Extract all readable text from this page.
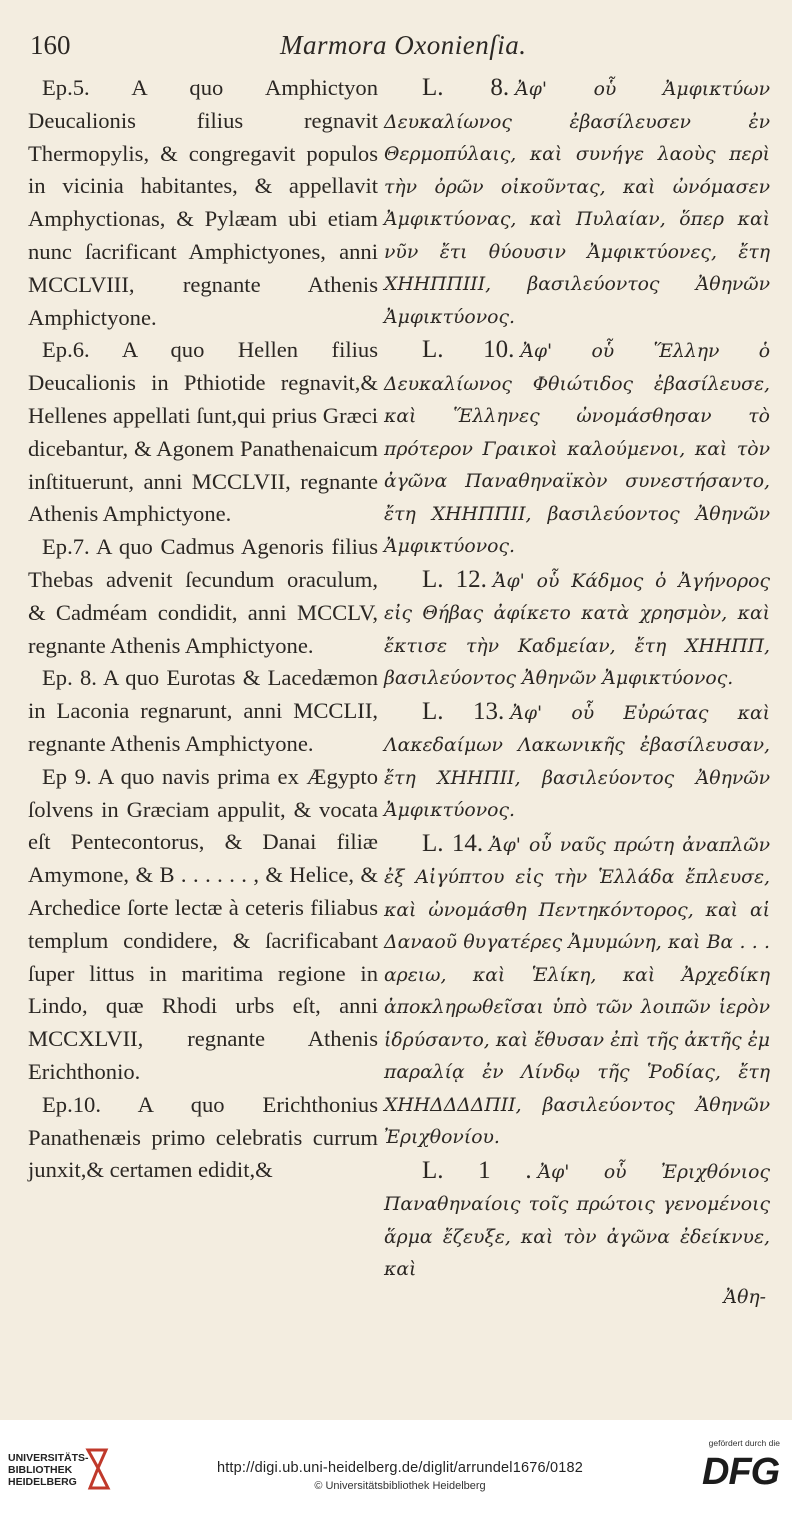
160	Marmora Oxonienſia.

Ep.5. A quo Amphictyon Deucalionis filius regnavit Thermopylis, & congregavit populos in vicinia habitantes, & appellavit Amphyctionas, & Pylæam ubi etiam nunc ſacrificant Amphictyones, anni MCCLVIII, regnante Athenis Amphictyone.

Ep.6. A quo Hellen filius Deucalionis in Pthiotide regnavit,& Hellenes appellati ſunt,qui prius Græci dicebantur, & Agonem Panathenaicum inſtituerunt, anni MCCLVII, regnante Athenis Amphictyone.

Ep.7. A quo Cadmus Agenoris filius Thebas advenit ſecundum oraculum, & Cadméam condidit, anni MCCLV, regnante Athenis Amphictyone.

Ep. 8. A quo Eurotas & Lacedæmon in Laconia regnarunt, anni MCCLII, regnante Athenis Amphictyone.

Ep 9. A quo navis prima ex Ægypto ſolvens in Græciam appulit, & vocata eſt Pentecontorus, & Danai filiæ Amymone, & B . . . . . . , & Helice, & Archedice ſorte lectæ à ceteris filiabus templum condidere, & ſacrificabant ſuper littus in maritima regione in Lindo, quæ Rhodi urbs eſt, anni MCCXLVII, regnante Athenis Erichthonio.

Ep.10. A quo Erichthonius Panathenæis primo celebratis currum junxit,& certamen edidit,&

L. 8. Ἀφ' οὗ Ἀμφικτύων Δευκαλίωνος ἐβασίλευσεν ἐν Θερμοπύλαις, καὶ συνήγε λαοὺς περὶ τὴν ὀρῶν οἰκοῦντας, καὶ ὠνόμασεν Ἀμφικτύονας, καὶ Πυλαίαν, ὅπερ καὶ νῦν ἔτι θύουσιν Ἀμφικτύονες, ἔτη ΧΗΗΠΠΙΙΙ, βασιλεύοντος Ἀθηνῶν Ἀμφικτύονος.

L. 10. Ἀφ' οὗ Ἕλλην ὁ Δευκαλίωνος Φθιώτιδος ἐβασίλευσε, καὶ Ἕλληνες ὠνομάσθησαν τὸ πρότερον Γραικοὶ καλούμενοι, καὶ τὸν ἀγῶνα Παναθηναϊκὸν συνεστήσαντο, ἔτη ΧΗΗΠΠΙΙ, βασιλεύοντος Ἀθηνῶν Ἀμφικτύονος.

L. 12. Ἀφ' οὗ Κάδμος ὁ Ἀγήνορος εἰς Θήβας ἀφίκετο κατὰ χρησμὸν, καὶ ἔκτισε τὴν Καδμείαν, ἔτη ΧΗΗΠΠ, βασιλεύοντος Ἀθηνῶν Ἀμφικτύονος.

L. 13. Ἀφ' οὗ Εὐρώτας καὶ Λακεδαίμων Λακωνικῆς ἐβασίλευσαν, ἔτη ΧΗΗΠΙΙ, βασιλεύοντος Ἀθηνῶν Ἀμφικτύονος.

L. 14. Ἀφ' οὗ ναῦς πρώτη ἀναπλῶν ἐξ Αἰγύπτου εἰς τὴν Ἑλλάδα ἔπλευσε, καὶ ὠνομάσθη Πεντηκόντορος, καὶ αἱ Δαναοῦ θυγατέρες Ἀμυμώνη, καὶ Βα . . . αρειω, καὶ Ἑλίκη, καὶ Ἀρχεδίκη ἀποκληρωθεῖσαι ὑπὸ τῶν λοιπῶν ἱερὸν ἱδρύσαντο, καὶ ἔθυσαν ἐπὶ τῆς ἀκτῆς ἐμ παραλίᾳ ἐν Λίνδῳ τῆς Ῥοδίας, ἔτη ΧΗΗΔΔΔΔΠΙΙ, βασιλεύοντος Ἀθηνῶν Ἐριχθονίου.

L. 1 . Ἀφ' οὗ Ἐριχθόνιος Παναθηναίοις τοῖς πρώτοις γενομένοις ἅρμα ἔζευξε, καὶ τὸν ἀγῶνα ἐδείκνυε, καὶ

Ἀθη-

UNIVERSITÄTS-BIBLIOTHEK HEIDELBERG
http://digi.ub.uni-heidelberg.de/diglit/arrundel1676/0182
© Universitätsbibliothek Heidelberg
gefördert durch die
DFG
